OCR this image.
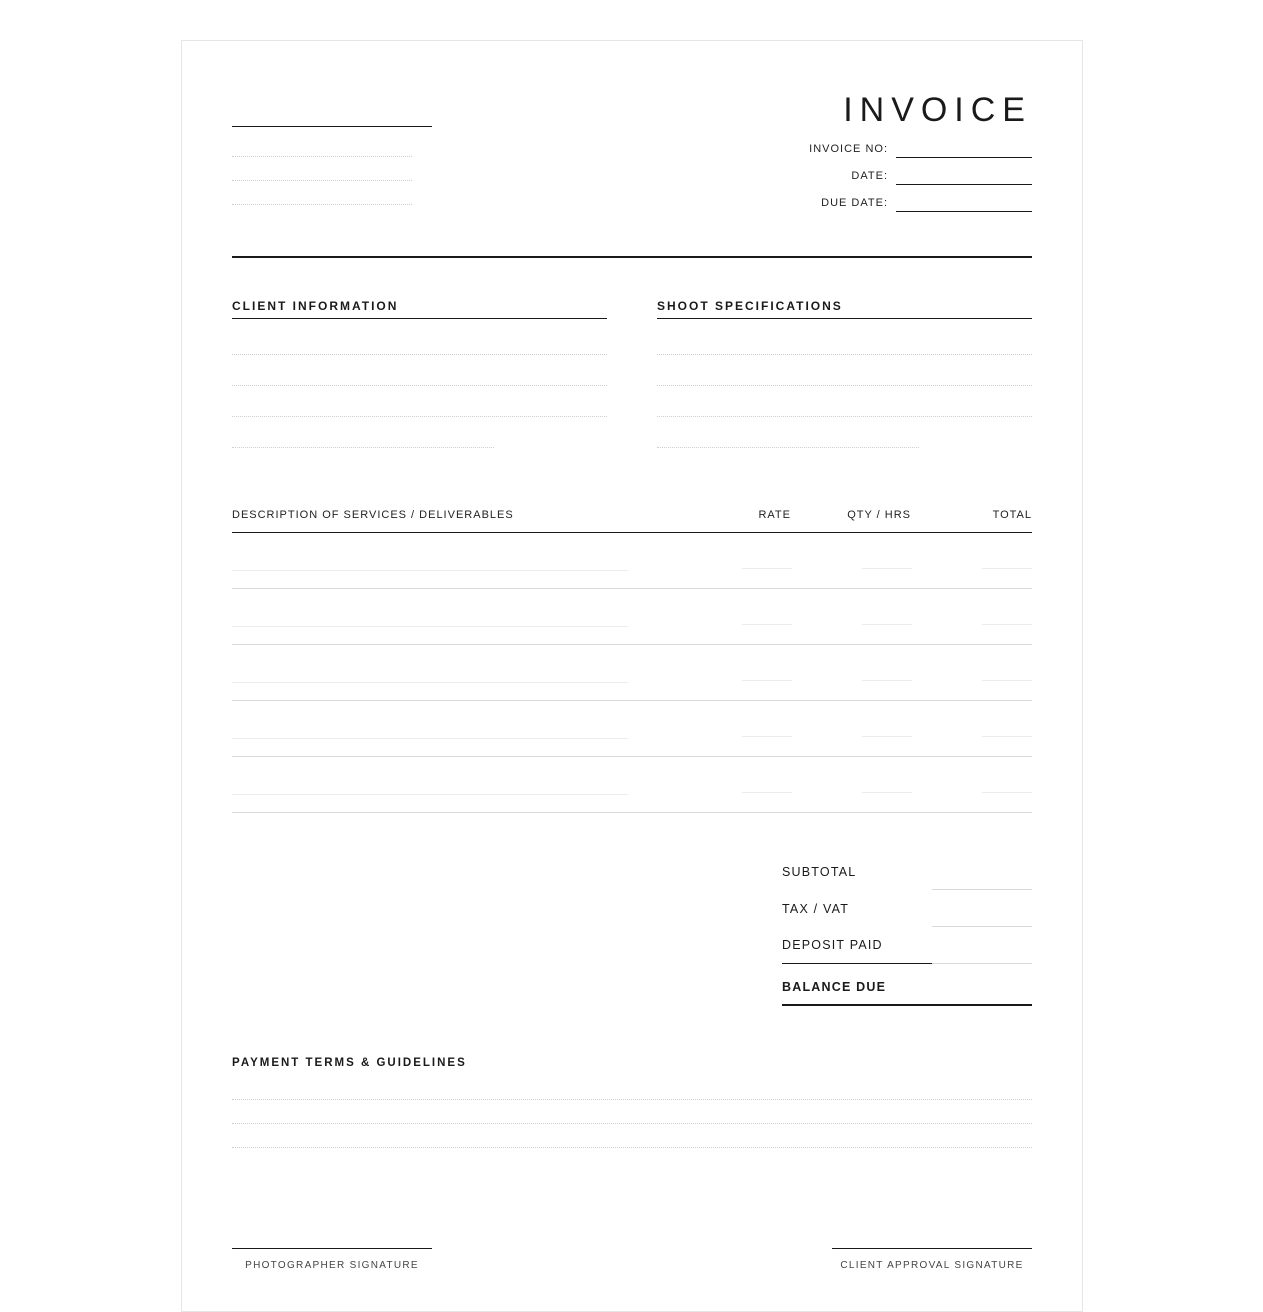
INVOICE
INVOICE NO:
DATE:
DUE DATE:
CLIENT INFORMATION	SHOOT SPECIFICATIONS
DESCRIPTION OF SERVICES / DELIVERABLES	RATE	QTY / HRS	TOTAL
SUBTOTAL
TAX / VAT
DEPOSIT PAID
BALANCE DUE
PAYMENT TERMS & GUIDELINES
PHOTOGRAPHER SIGNATURE	CLIENT APPROVAL SIGNATURE
